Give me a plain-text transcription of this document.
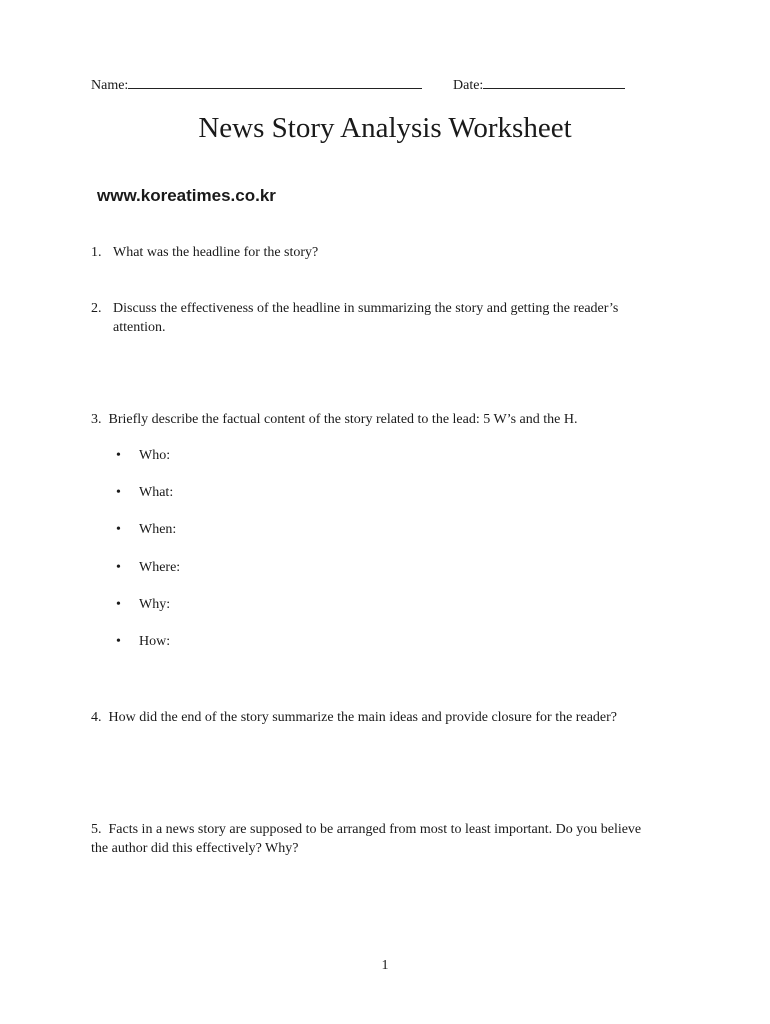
Name:	Date:
News Story Analysis Worksheet
www.koreatimes.co.kr
1. What was the headline for the story?
2. Discuss the effectiveness of the headline in summarizing the story and getting the reader’s
attention.
3. Briefly describe the factual content of the story related to the lead: 5 W’s and the H.
• Who:
• What:
• When:
• Where:
• Why:
• How:
4. How did the end of the story summarize the main ideas and provide closure for the reader?
5. Facts in a news story are supposed to be arranged from most to least important. Do you believe
the author did this effectively? Why?
1
